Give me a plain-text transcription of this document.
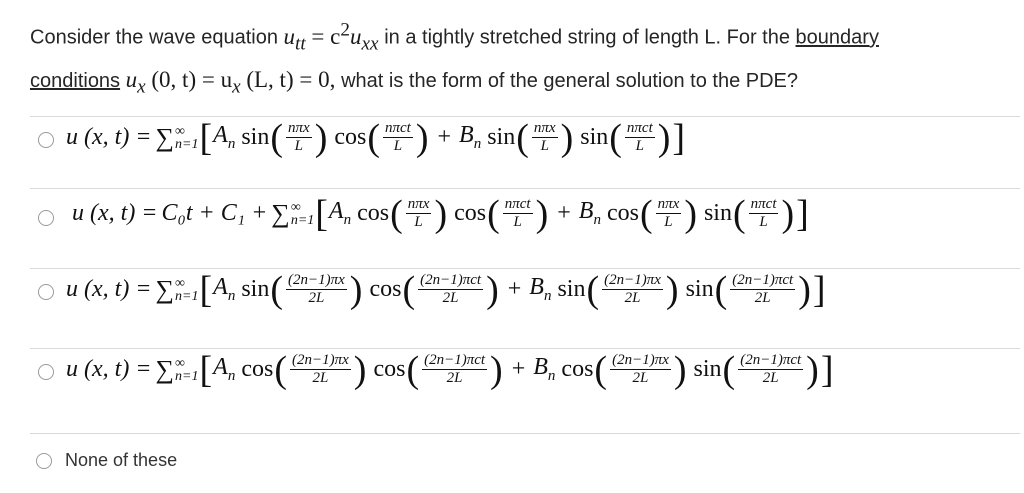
Consider the wave equation $u_{tt} = c^2u_{xx}$ in a tightly stretched string of length L. For the boundary
conditions $u_x$ (0, $t) = u_x$ (L, t) = 0, what is the form of the general solution to the PDE?
u (x, t) = ∑ ∞
n=1 [ $A_n$ sin ( $\frac{\text{nπx}}{L}$ ) cos ( $\frac{\text{nπct}}{L}$ ) + $B_n$ sin ( $\frac{\text{nπx}}{L}$ ) sin ( $\frac{\text{nπct}}{L}$ ) ]
u (x, t) = C₀t + C₁ + ∑ ∞
n=1 [ $A_n$ cos ( $\frac{\text{nπx}}{L}$ ) cos ( $\frac{\text{nπct}}{L}$ ) + $B_n$ cos ( $\frac{\text{nπx}}{L}$ ) sin ( $\frac{\text{nπct}}{L}$ ) ]
u (x, t) = ∑ ∞
n=1 [ $A_n$ sin ( $\frac{(2n-1)\pi x}{2L}$ ) cos ( $\frac{\text{(2n−1)πct}}{2L}$ ) + $B_n$ sin ( $\frac{(2n-1)\pi x}{2L}$ ) sin ( $\frac{\text{(2n−1)πct}}{2L}$ ) ]
u (x, t) = ∑ ∞
n=1 [ $A_n$ cos ( $\frac{(2n-1)\pi x}{2L}$ ) cos ( $\frac{\text{(2n−1)πct}}{2L}$ ) + $B_n$ cos ( $\frac{(2n-1)\pi x}{2L}$ ) sin ( $\frac{\text{(2n−1)πct}}{2L}$ ) ]
None of these
